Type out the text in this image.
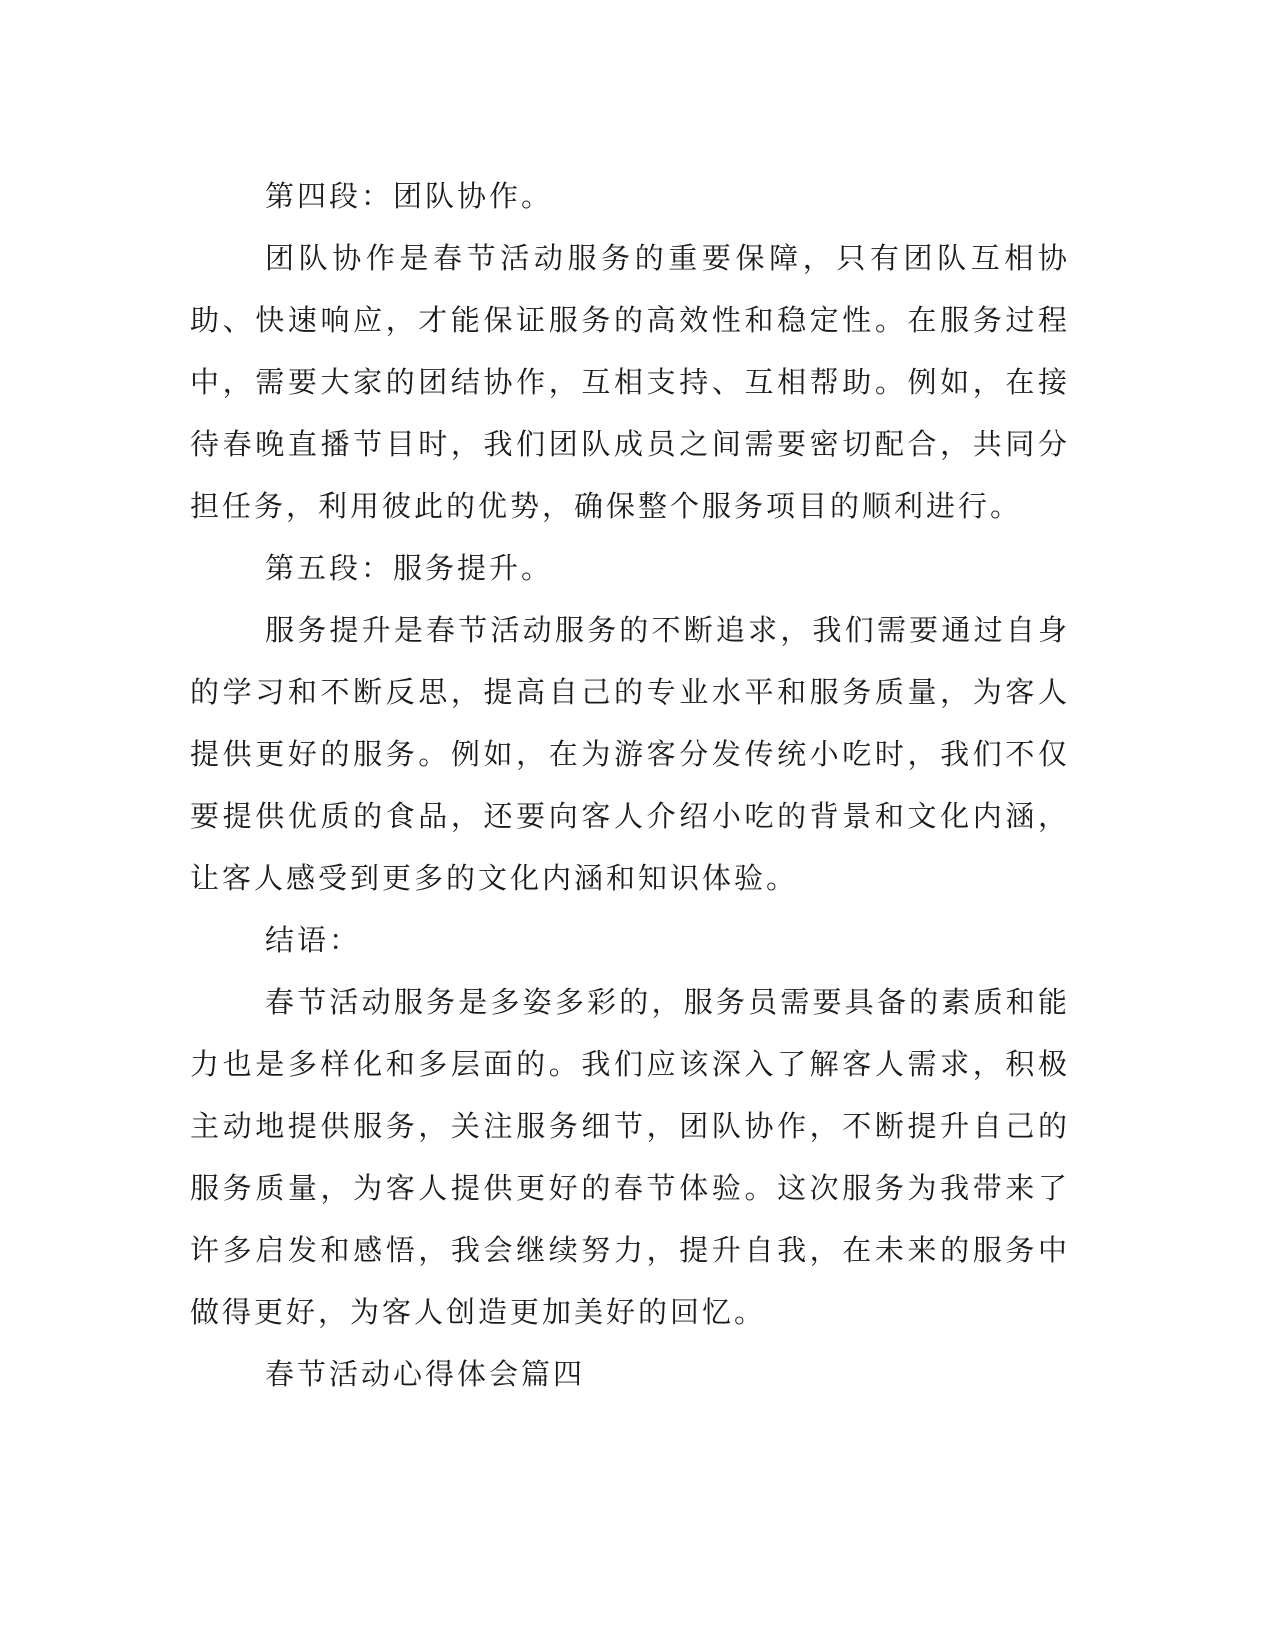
第四段：团队协作。

团队协作是春节活动服务的重要保障，只有团队互相协助、快速响应，才能保证服务的高效性和稳定性。在服务过程中，需要大家的团结协作，互相支持、互相帮助。例如，在接待春晚直播节目时，我们团队成员之间需要密切配合，共同分担任务，利用彼此的优势，确保整个服务项目的顺利进行。

第五段：服务提升。

服务提升是春节活动服务的不断追求，我们需要通过自身的学习和不断反思，提高自己的专业水平和服务质量，为客人提供更好的服务。例如，在为游客分发传统小吃时，我们不仅要提供优质的食品，还要向客人介绍小吃的背景和文化内涵，让客人感受到更多的文化内涵和知识体验。

结语：

春节活动服务是多姿多彩的，服务员需要具备的素质和能力也是多样化和多层面的。我们应该深入了解客人需求，积极主动地提供服务，关注服务细节，团队协作，不断提升自己的服务质量，为客人提供更好的春节体验。这次服务为我带来了许多启发和感悟，我会继续努力，提升自我，在未来的服务中做得更好，为客人创造更加美好的回忆。

春节活动心得体会篇四
